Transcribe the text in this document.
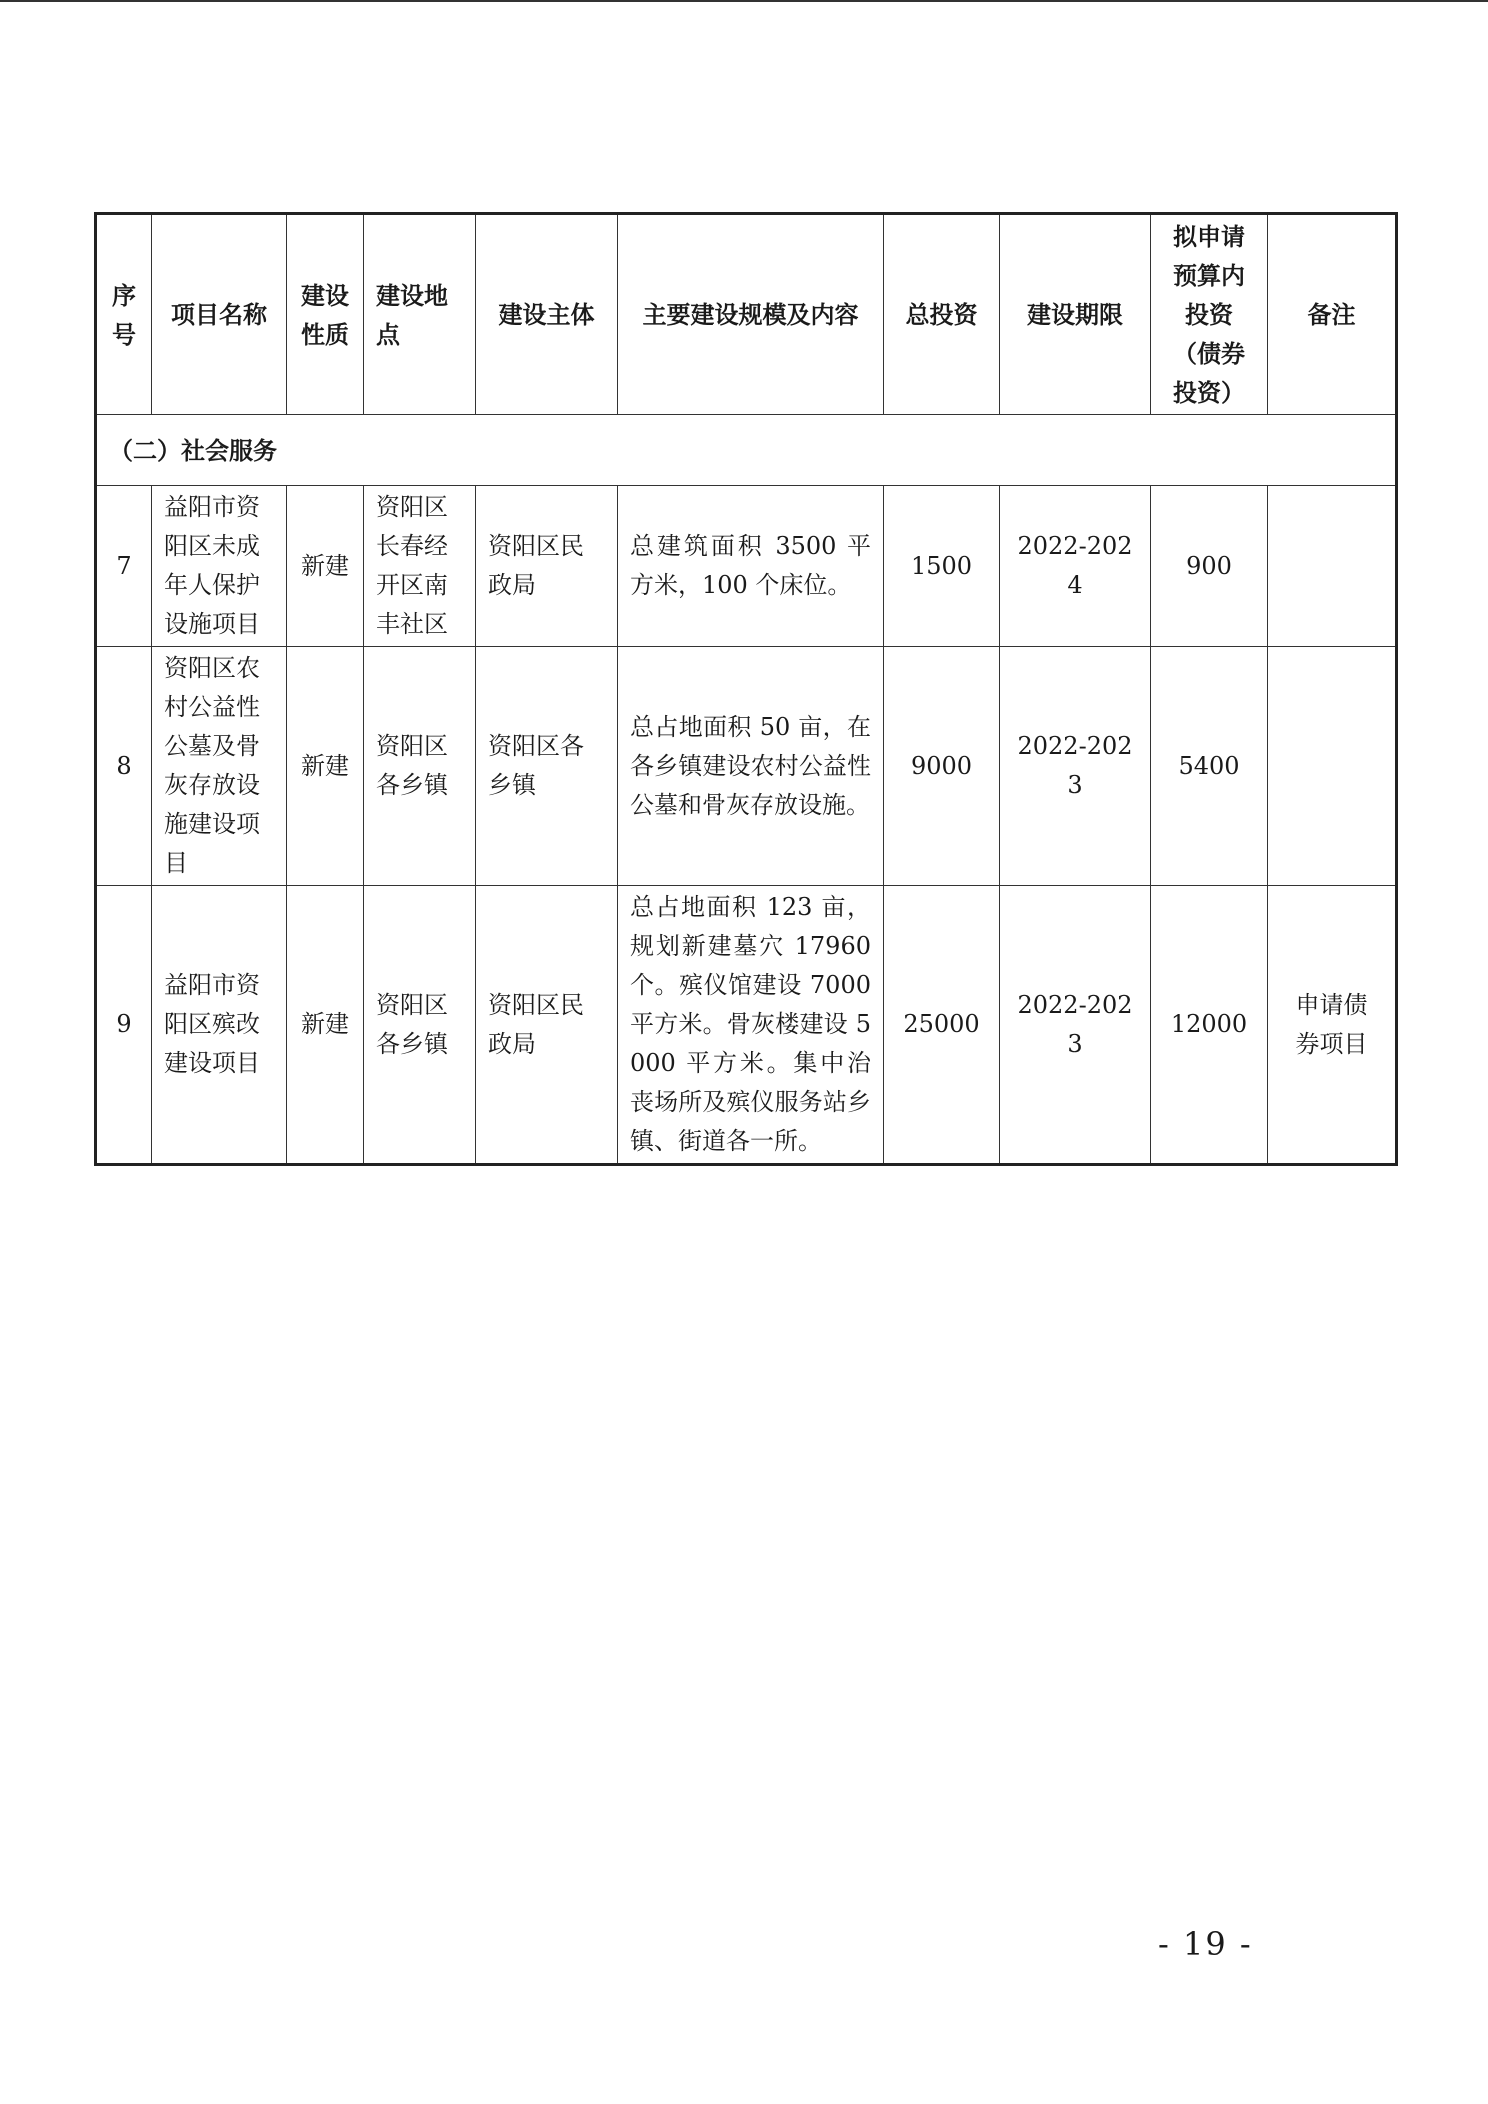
序号	项目名称	建设性质	建设地点	建设主体	主要建设规模及内容	总投资	建设期限	拟申请预算内投资（债券投资）	备注
（二）社会服务									
7	益阳市资阳区未成年人保护设施项目	新建	资阳区长春经开区南丰社区	资阳区民政局	总建筑面积 3500 平方米，100 个床位。	1500	2022-2024	900	
8	资阳区农村公益性公墓及骨灰存放设施建设项目	新建	资阳区各乡镇	资阳区各乡镇	总占地面积 50 亩，在各乡镇建设农村公益性公墓和骨灰存放设施。	9000	2022-2023	5400	
9	益阳市资阳区殡改建设项目	新建	资阳区各乡镇	资阳区民政局	总占地面积 123 亩，规划新建墓穴 17960 个。殡仪馆建设 7000 平方米。骨灰楼建设 5000 平方米。集中治丧场所及殡仪服务站乡镇、街道各一所。	25000	2022-2023	12000	申请债券项目
- 19 -
